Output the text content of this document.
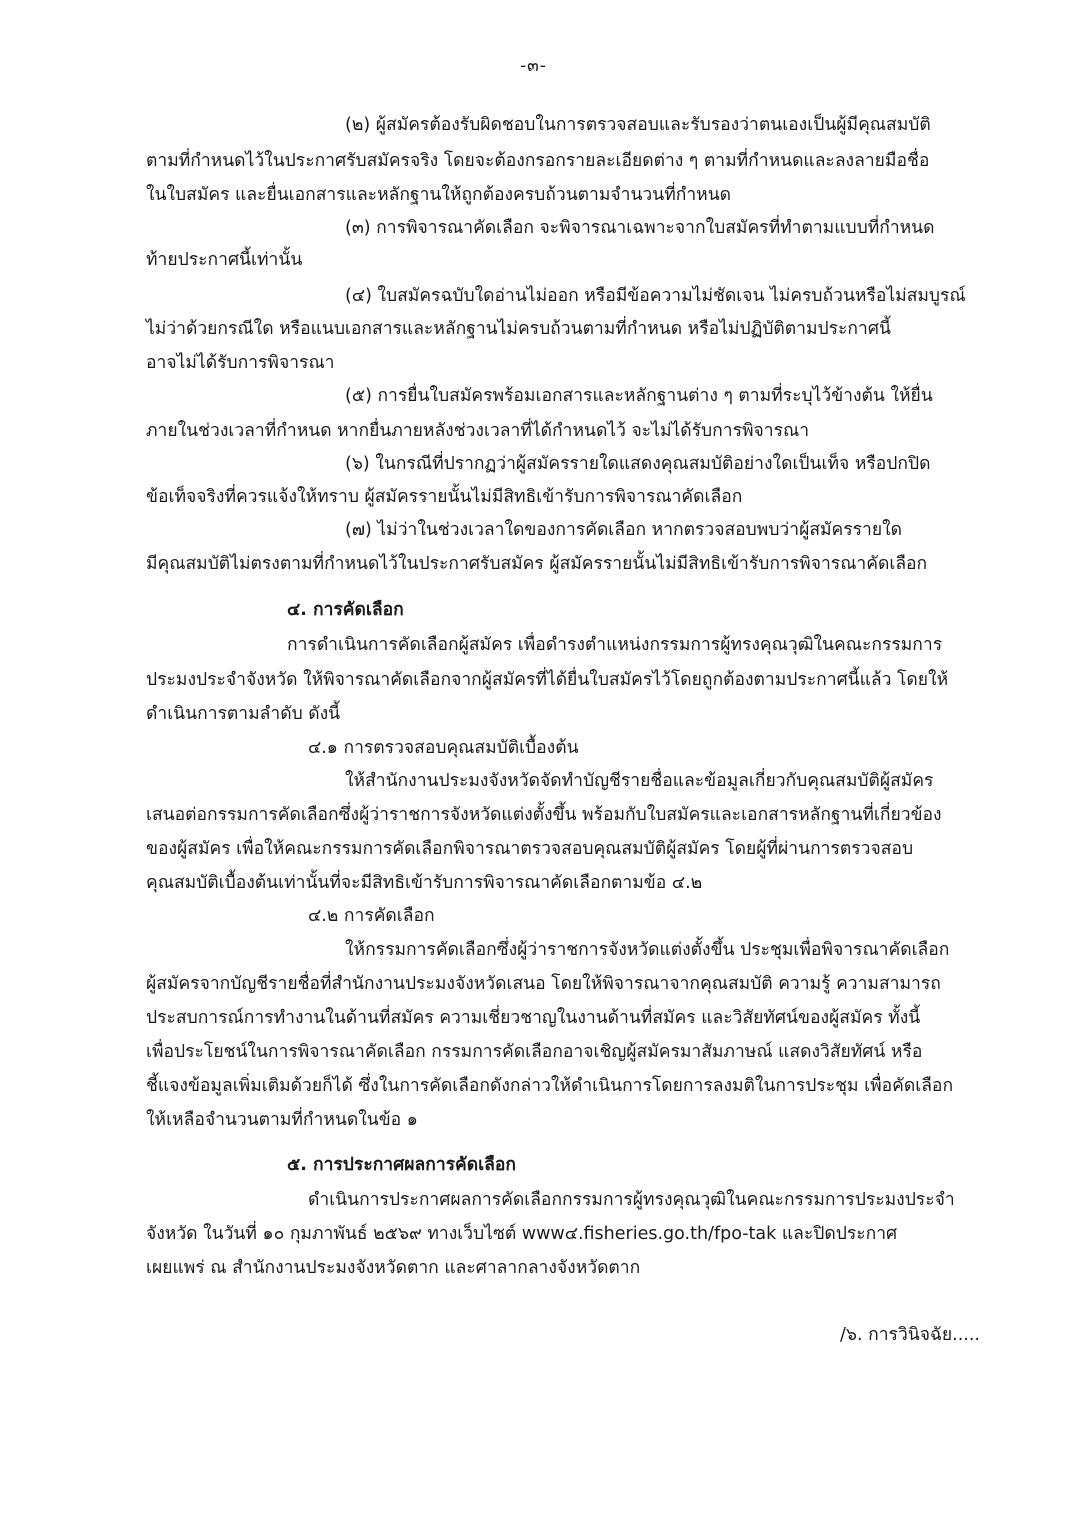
-๓-
(๒) ผู้สมัครต้องรับผิดชอบในการตรวจสอบและรับรองว่าตนเองเป็นผู้มีคุณสมบัติ
ตามที่กำหนดไว้ในประกาศรับสมัครจริง โดยจะต้องกรอกรายละเอียดต่าง ๆ ตามที่กำหนดและลงลายมือชื่อ
ในใบสมัคร และยื่นเอกสารและหลักฐานให้ถูกต้องครบถ้วนตามจำนวนที่กำหนด
(๓) การพิจารณาคัดเลือก จะพิจารณาเฉพาะจากใบสมัครที่ทำตามแบบที่กำหนด
ท้ายประกาศนี้เท่านั้น
(๔) ใบสมัครฉบับใดอ่านไม่ออก หรือมีข้อความไม่ชัดเจน ไม่ครบถ้วนหรือไม่สมบูรณ์
ไม่ว่าด้วยกรณีใด หรือแนบเอกสารและหลักฐานไม่ครบถ้วนตามที่กำหนด หรือไม่ปฏิบัติตามประกาศนี้
อาจไม่ได้รับการพิจารณา
(๕) การยื่นใบสมัครพร้อมเอกสารและหลักฐานต่าง ๆ ตามที่ระบุไว้ข้างต้น ให้ยื่น
ภายในช่วงเวลาที่กำหนด หากยื่นภายหลังช่วงเวลาที่ได้กำหนดไว้ จะไม่ได้รับการพิจารณา
(๖) ในกรณีที่ปรากฏว่าผู้สมัครรายใดแสดงคุณสมบัติอย่างใดเป็นเท็จ หรือปกปิด
ข้อเท็จจริงที่ควรแจ้งให้ทราบ ผู้สมัครรายนั้นไม่มีสิทธิเข้ารับการพิจารณาคัดเลือก
(๗) ไม่ว่าในช่วงเวลาใดของการคัดเลือก หากตรวจสอบพบว่าผู้สมัครรายใด
มีคุณสมบัติไม่ตรงตามที่กำหนดไว้ในประกาศรับสมัคร ผู้สมัครรายนั้นไม่มีสิทธิเข้ารับการพิจารณาคัดเลือก
๔. การคัดเลือก
การดำเนินการคัดเลือกผู้สมัคร เพื่อดำรงตำแหน่งกรรมการผู้ทรงคุณวุฒิในคณะกรรมการ
ประมงประจำจังหวัด ให้พิจารณาคัดเลือกจากผู้สมัครที่ได้ยื่นใบสมัครไว้โดยถูกต้องตามประกาศนี้แล้ว โดยให้
ดำเนินการตามลำดับ ดังนี้
๔.๑ การตรวจสอบคุณสมบัติเบื้องต้น
ให้สำนักงานประมงจังหวัดจัดทำบัญชีรายชื่อและข้อมูลเกี่ยวกับคุณสมบัติผู้สมัคร
เสนอต่อกรรมการคัดเลือกซึ่งผู้ว่าราชการจังหวัดแต่งตั้งขึ้น พร้อมกับใบสมัครและเอกสารหลักฐานที่เกี่ยวข้อง
ของผู้สมัคร เพื่อให้คณะกรรมการคัดเลือกพิจารณาตรวจสอบคุณสมบัติผู้สมัคร โดยผู้ที่ผ่านการตรวจสอบ
คุณสมบัติเบื้องต้นเท่านั้นที่จะมีสิทธิเข้ารับการพิจารณาคัดเลือกตามข้อ ๔.๒
๔.๒ การคัดเลือก
ให้กรรมการคัดเลือกซึ่งผู้ว่าราชการจังหวัดแต่งตั้งขึ้น ประชุมเพื่อพิจารณาคัดเลือก
ผู้สมัครจากบัญชีรายชื่อที่สำนักงานประมงจังหวัดเสนอ โดยให้พิจารณาจากคุณสมบัติ ความรู้ ความสามารถ
ประสบการณ์การทำงานในด้านที่สมัคร ความเชี่ยวชาญในงานด้านที่สมัคร และวิสัยทัศน์ของผู้สมัคร ทั้งนี้
เพื่อประโยชน์ในการพิจารณาคัดเลือก กรรมการคัดเลือกอาจเชิญผู้สมัครมาสัมภาษณ์ แสดงวิสัยทัศน์ หรือ
ชี้แจงข้อมูลเพิ่มเติมด้วยก็ได้ ซึ่งในการคัดเลือกดังกล่าวให้ดำเนินการโดยการลงมติในการประชุม เพื่อคัดเลือก
ให้เหลือจำนวนตามที่กำหนดในข้อ ๑
๕. การประกาศผลการคัดเลือก
ดำเนินการประกาศผลการคัดเลือกกรรมการผู้ทรงคุณวุฒิในคณะกรรมการประมงประจำ
จังหวัด ในวันที่ ๑๐ กุมภาพันธ์ ๒๕๖๙ ทางเว็บไซต์ www๔.fisheries.go.th/fpo-tak และปิดประกาศ
เผยแพร่ ณ สำนักงานประมงจังหวัดตาก และศาลากลางจังหวัดตาก
/๖. การวินิจฉัย.....
